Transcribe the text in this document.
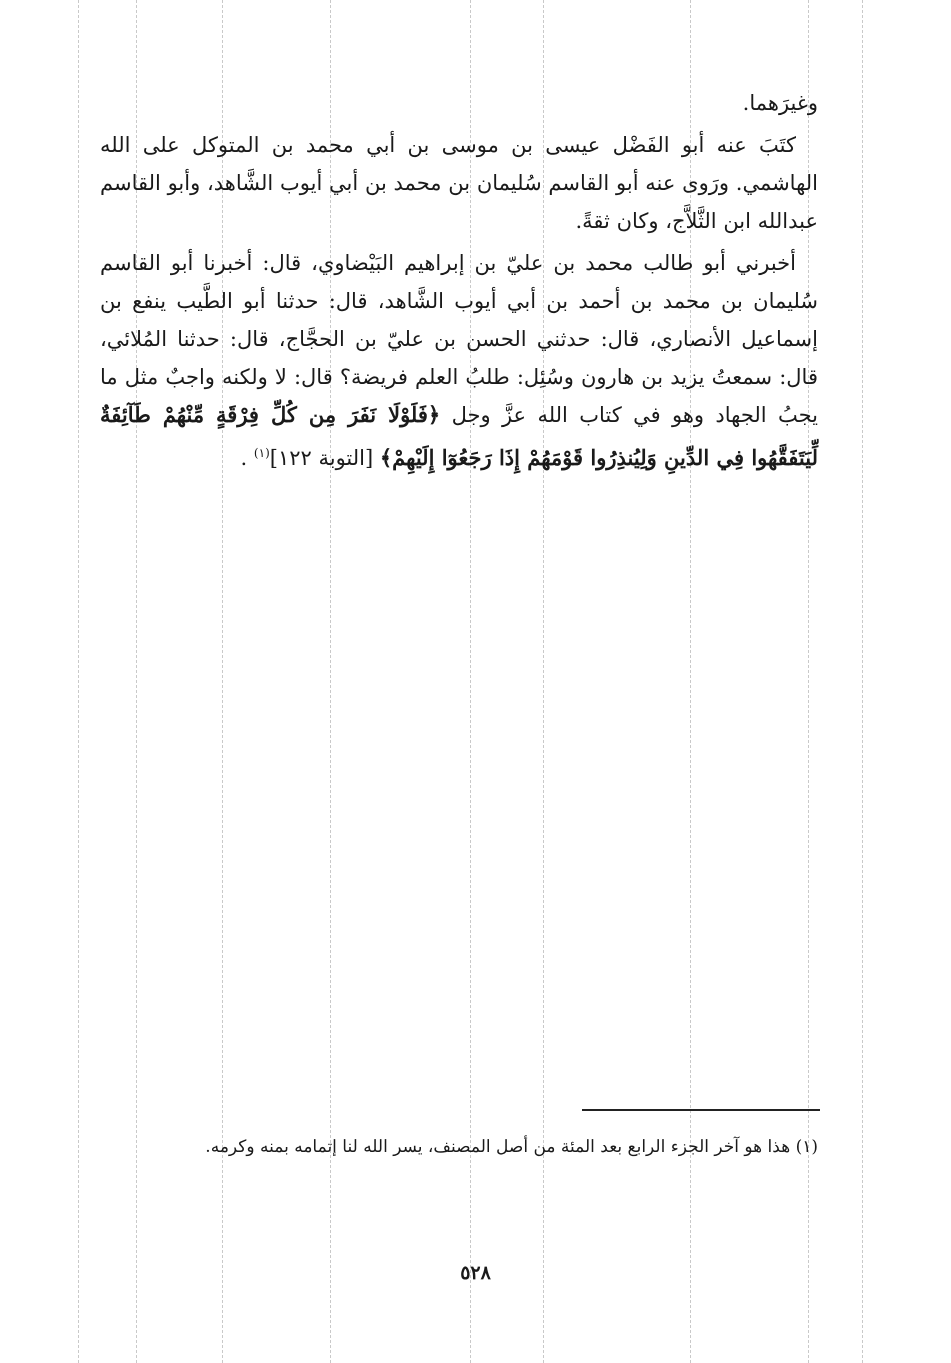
وغيرَهما.

كتَبَ عنه أبو الفَضْل عيسى بن موسى بن أبي محمد بن المتوكل على الله الهاشمي. ورَوى عنه أبو القاسم سُليمان بن محمد بن أبي أيوب الشَّاهد، وأبو القاسم عبدالله ابن الثَّلاَّج، وكان ثقةً.

أخبرني أبو طالب محمد بن عليّ بن إبراهيم البَيْضاوي، قال: أخبرنا أبو القاسم سُليمان بن محمد بن أحمد بن أبي أيوب الشَّاهد، قال: حدثنا أبو الطَّيب ينفع بن إسماعيل الأنصاري، قال: حدثني الحسن بن عليّ بن الحجَّاج، قال: حدثنا المُلائي، قال: سمعتُ يزيد بن هارون وسُئِل: طلبُ العلم فريضة؟ قال: لا ولكنه واجبٌ مثل ما يجبُ الجهاد وهو في كتاب الله عزَّ وجل ﴿فَلَوْلَا نَفَرَ مِن كُلِّ فِرْقَةٍ مِّنْهُمْ طَآئِفَةٌ لِّيَتَفَقَّهُوا فِي الدِّينِ وَلِيُنذِرُوا قَوْمَهُمْ إِذَا رَجَعُوٓا إِلَيْهِمْ﴾ [التوبة ١٢٢]$^{(١)}$ .

(١) هذا هو آخر الجزء الرابع بعد المئة من أصل المصنف، يسر الله لنا إتمامه بمنه وكرمه.
٥٢٨
